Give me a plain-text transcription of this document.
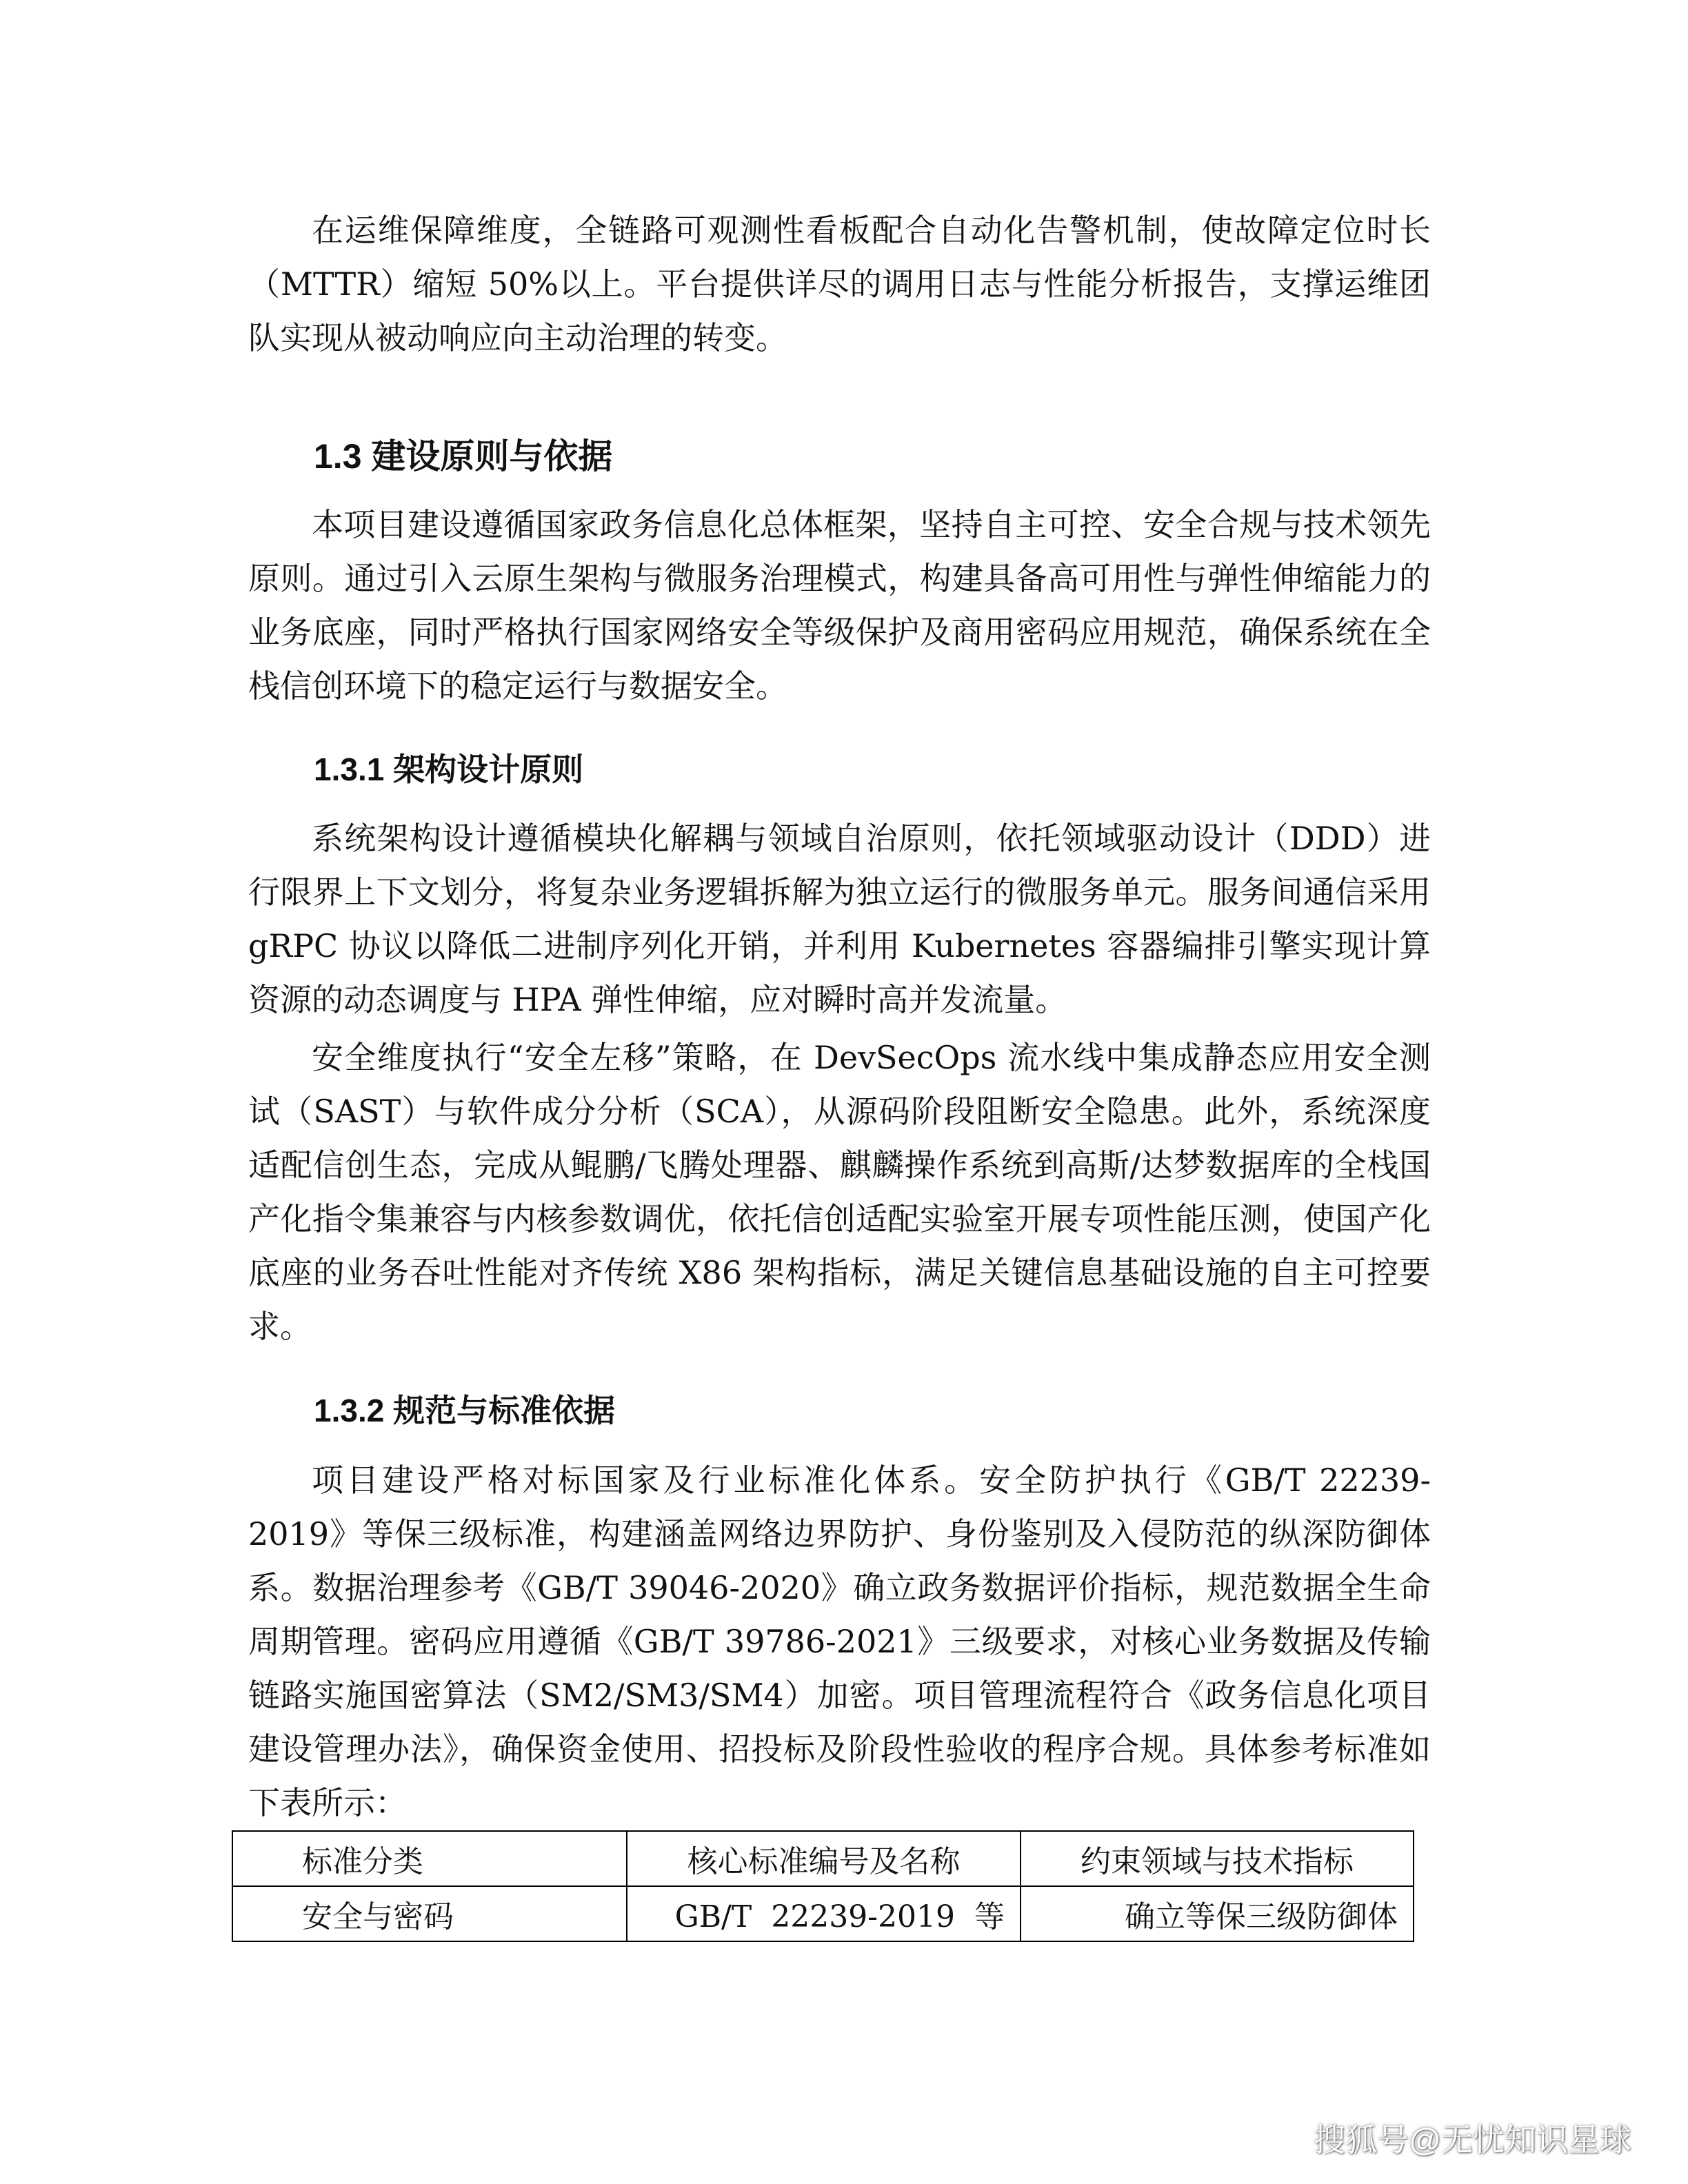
在运维保障维度，全链路可观测性看板配合自动化告警机制，使故障定位时长（MTTR）缩短 50%以上。平台提供详尽的调用日志与性能分析报告，支撑运维团队实现从被动响应向主动治理的转变。

1.3 建设原则与依据

本项目建设遵循国家政务信息化总体框架，坚持自主可控、安全合规与技术领先原则。通过引入云原生架构与微服务治理模式，构建具备高可用性与弹性伸缩能力的业务底座，同时严格执行国家网络安全等级保护及商用密码应用规范，确保系统在全栈信创环境下的稳定运行与数据安全。

1.3.1 架构设计原则

系统架构设计遵循模块化解耦与领域自治原则，依托领域驱动设计（DDD）进行限界上下文划分，将复杂业务逻辑拆解为独立运行的微服务单元。服务间通信采用 gRPC 协议以降低二进制序列化开销，并利用 Kubernetes 容器编排引擎实现计算资源的动态调度与 HPA 弹性伸缩，应对瞬时高并发流量。

安全维度执行“安全左移”策略，在 DevSecOps 流水线中集成静态应用安全测试（SAST）与软件成分分析（SCA），从源码阶段阻断安全隐患。此外，系统深度适配信创生态，完成从鲲鹏/飞腾处理器、麒麟操作系统到高斯/达梦数据库的全栈国产化指令集兼容与内核参数调优，依托信创适配实验室开展专项性能压测，使国产化底座的业务吞吐性能对齐传统 X86 架构指标，满足关键信息基础设施的自主可控要求。

1.3.2 规范与标准依据

项目建设严格对标国家及行业标准化体系。安全防护执行《GB/T 22239-2019》等保三级标准，构建涵盖网络边界防护、身份鉴别及入侵防范的纵深防御体系。数据治理参考《GB/T 39046-2020》确立政务数据评价指标，规范数据全生命周期管理。密码应用遵循《GB/T 39786-2021》三级要求，对核心业务数据及传输链路实施国密算法（SM2/SM3/SM4）加密。项目管理流程符合《政务信息化项目建设管理办法》，确保资金使用、招投标及阶段性验收的程序合规。具体参考标准如下表所示：

标准分类	核心标准编号及名称	约束领域与技术指标
安全与密码	GB/T  22239-2019  等	确立等保三级防御体
搜狐号@无忧知识星球
